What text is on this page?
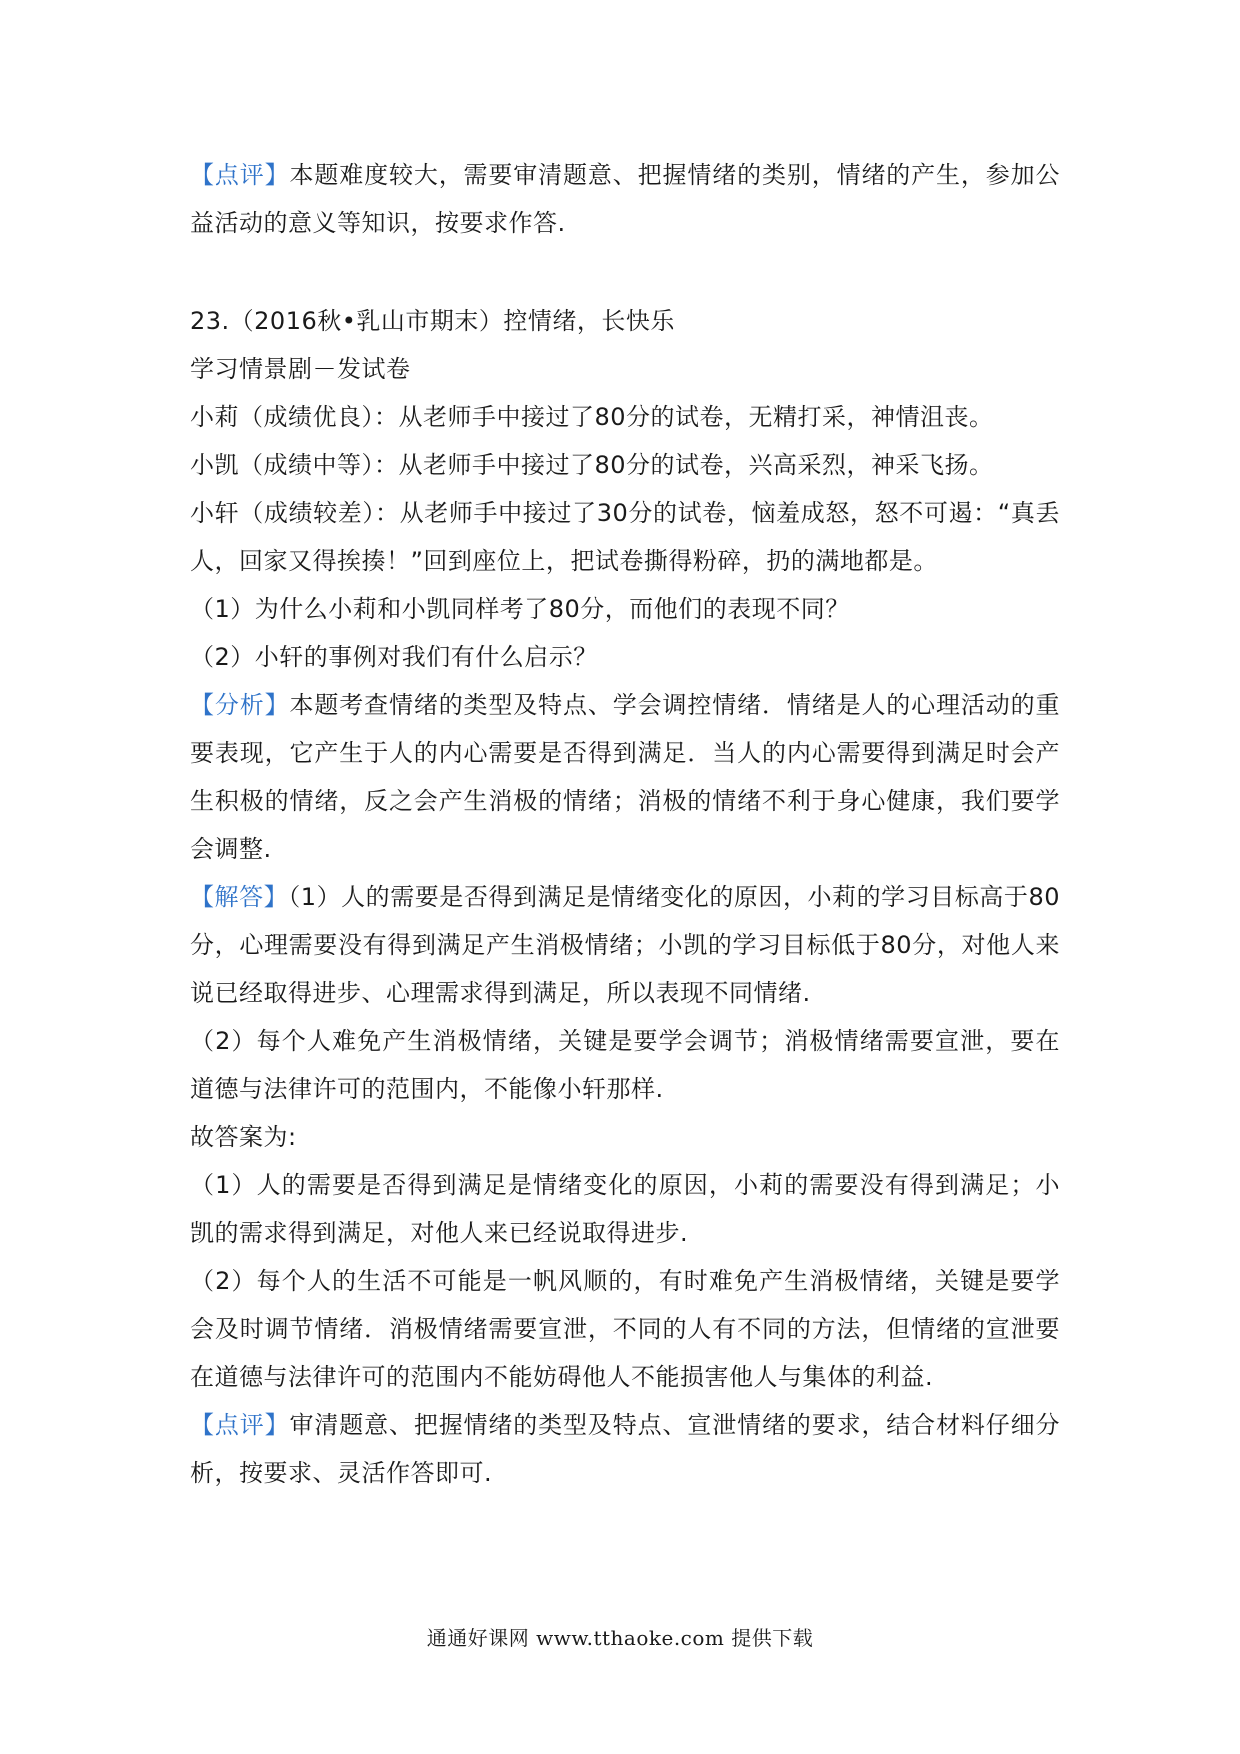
【点评】本题难度较大，需要审清题意、把握情绪的类别，情绪的产生，参加公益活动的意义等知识，按要求作答.

23.（2016秋•乳山市期末）控情绪，长快乐

学习情景剧－发试卷

小莉（成绩优良）：从老师手中接过了80分的试卷，无精打采，神情沮丧。

小凯（成绩中等）：从老师手中接过了80分的试卷，兴高采烈，神采飞扬。

小轩（成绩较差）：从老师手中接过了30分的试卷，恼羞成怒，怒不可遏：“真丢人，回家又得挨揍！”回到座位上，把试卷撕得粉碎，扔的满地都是。

（1）为什么小莉和小凯同样考了80分，而他们的表现不同？

（2）小轩的事例对我们有什么启示？

【分析】本题考查情绪的类型及特点、学会调控情绪．情绪是人的心理活动的重要表现，它产生于人的内心需要是否得到满足．当人的内心需要得到满足时会产生积极的情绪，反之会产生消极的情绪；消极的情绪不利于身心健康，我们要学会调整.

【解答】（1）人的需要是否得到满足是情绪变化的原因，小莉的学习目标高于80分，心理需要没有得到满足产生消极情绪；小凯的学习目标低于80分，对他人来说已经取得进步、心理需求得到满足，所以表现不同情绪.

（2）每个人难免产生消极情绪，关键是要学会调节；消极情绪需要宣泄，要在道德与法律许可的范围内，不能像小轩那样.

故答案为:

（1）人的需要是否得到满足是情绪变化的原因，小莉的需要没有得到满足；小凯的需求得到满足，对他人来已经说取得进步.

（2）每个人的生活不可能是一帆风顺的，有时难免产生消极情绪，关键是要学会及时调节情绪．消极情绪需要宣泄，不同的人有不同的方法，但情绪的宣泄要在道德与法律许可的范围内不能妨碍他人不能损害他人与集体的利益.

【点评】审清题意、把握情绪的类型及特点、宣泄情绪的要求，结合材料仔细分析，按要求、灵活作答即可.

通通好课网 www.tthaoke.com 提供下载
